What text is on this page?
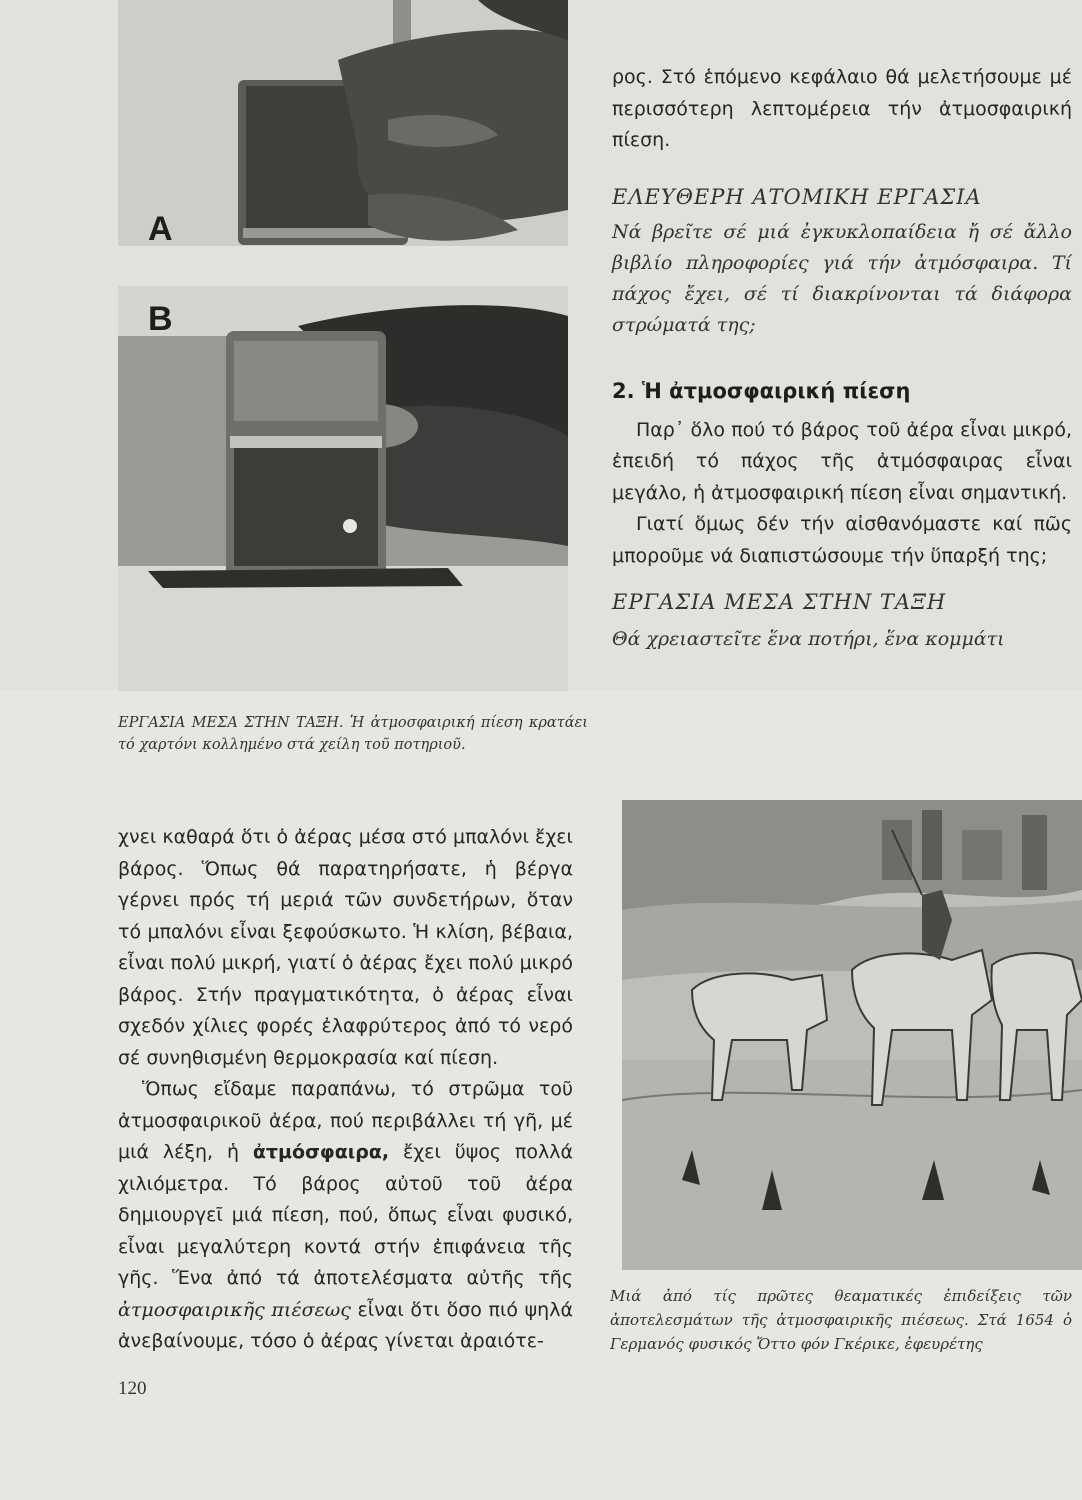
A
B

ρος. Στό ἑπόμενο κεφάλαιο θά μελετήσουμε μέ περισσότερη λεπτομέρεια τήν ἀτμοσφαιρική πίεση.

ΕΛΕΥΘΕΡΗ ΑΤΟΜΙΚΗ ΕΡΓΑΣΙΑ

Νά βρεῖτε σέ μιά ἐγκυκλοπαίδεια ἤ σέ ἄλλο βιβλίο πληροφορίες γιά τήν ἀτμόσφαιρα. Τί πάχος ἔχει, σέ τί διακρίνονται τά διάφορα στρώματά της;

2. Ἡ ἀτμοσφαιρική πίεση

Παρ᾽ ὅλο πού τό βάρος τοῦ ἀέρα εἶναι μικρό, ἐπειδή τό πάχος τῆς ἀτμόσφαιρας εἶναι μεγάλο, ἡ ἀτμοσφαιρική πίεση εἶναι σημαντική.

Γιατί ὅμως δέν τήν αἰσθανόμαστε καί πῶς μποροῦμε νά διαπιστώσουμε τήν ὕπαρξή της;

ΕΡΓΑΣΙΑ ΜΕΣΑ ΣΤΗΝ ΤΑΞΗ

Θά χρειαστεῖτε ἕνα ποτήρι, ἕνα κομμάτι

ΕΡΓΑΣΙΑ ΜΕΣΑ ΣΤΗΝ ΤΑΞΗ. Ἡ ἀτμοσφαιρική πίεση κρατάει τό χαρτόνι κολλημένο στά χείλη τοῦ ποτηριοῦ.

χνει καθαρά ὅτι ὁ ἀέρας μέσα στό μπαλόνι ἔχει βάρος. Ὅπως θά παρατηρήσατε, ἡ βέργα γέρνει πρός τή μεριά τῶν συνδετήρων, ὅταν τό μπαλόνι εἶναι ξεφούσκωτο. Ἡ κλίση, βέβαια, εἶναι πολύ μικρή, γιατί ὁ ἀέρας ἔχει πολύ μικρό βάρος. Στήν πραγματικότητα, ὁ ἀέρας εἶναι σχεδόν χίλιες φορές ἐλαφρύτερος ἀπό τό νερό σέ συνηθισμένη θερμοκρασία καί πίεση.

Ὅπως εἴδαμε παραπάνω, τό στρῶμα τοῦ ἀτμοσφαιρικοῦ ἀέρα, πού περιβάλλει τή γῆ, μέ μιά λέξη, ἡ ἀτμόσφαιρα, ἔχει ὕψος πολλά χιλιόμετρα. Τό βάρος αὐτοῦ τοῦ ἀέρα δημιουργεῖ μιά πίεση, πού, ὅπως εἶναι φυσικό, εἶναι μεγαλύτερη κοντά στήν ἐπιφάνεια τῆς γῆς. Ἕνα ἀπό τά ἀποτελέσματα αὐτῆς τῆς ἀτμοσφαιρικῆς πιέσεως εἶναι ὅτι ὅσο πιό ψηλά ἀνεβαίνουμε, τόσο ὁ ἀέρας γίνεται ἀραιότε-

Μιά ἀπό τίς πρῶτες θεαματικές ἐπιδείξεις τῶν ἀποτελεσμάτων τῆς ἀτμοσφαιρικῆς πιέσεως. Στά 1654 ὁ Γερμανός φυσικός Ὄττο φόν Γκέρικε, ἐφευρέτης

120
